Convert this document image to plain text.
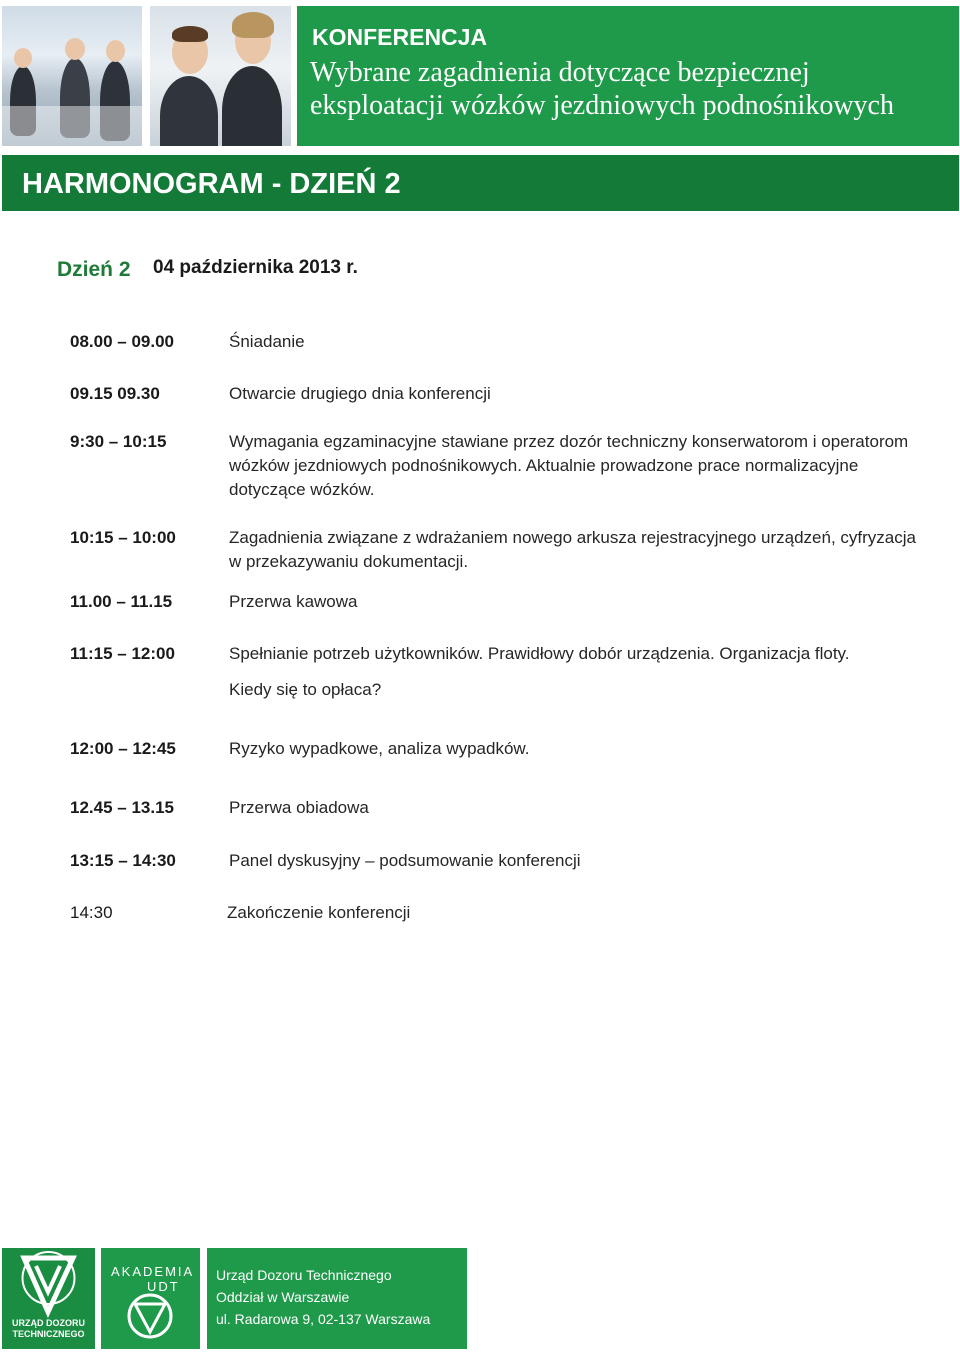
KONFERENCJA
Wybrane zagadnienia dotyczące bezpiecznej eksploatacji wózków jezdniowych podnośnikowych
HARMONOGRAM - DZIEŃ 2
Dzień 2 04 października 2013 r.
08.00 – 09.00	Śniadanie
09.15 09.30	Otwarcie drugiego dnia konferencji
9:30 – 10:15	Wymagania egzaminacyjne stawiane przez dozór techniczny konserwatorom i operatorom wózków jezdniowych podnośnikowych. Aktualnie prowadzone prace normalizacyjne dotyczące wózków.
10:15 – 10:00	Zagadnienia związane z wdrażaniem nowego arkusza rejestracyjnego urządzeń, cyfryzacja w przekazywaniu dokumentacji.
11.00 – 11.15	Przerwa kawowa
11:15 – 12:00	Spełnianie potrzeb użytkowników. Prawidłowy dobór urządzenia. Organizacja floty. Kiedy się to opłaca?
12:00 – 12:45	Ryzyko wypadkowe, analiza wypadków.
12.45 – 13.15	Przerwa obiadowa
13:15 – 14:30	Panel dyskusyjny – podsumowanie konferencji
14:30	Zakończenie konferencji
URZĄD DOZORU TECHNICZNEGO
AKADEMIA
UDT
Urząd Dozoru Technicznego
Oddział w Warszawie
ul. Radarowa 9, 02-137 Warszawa
